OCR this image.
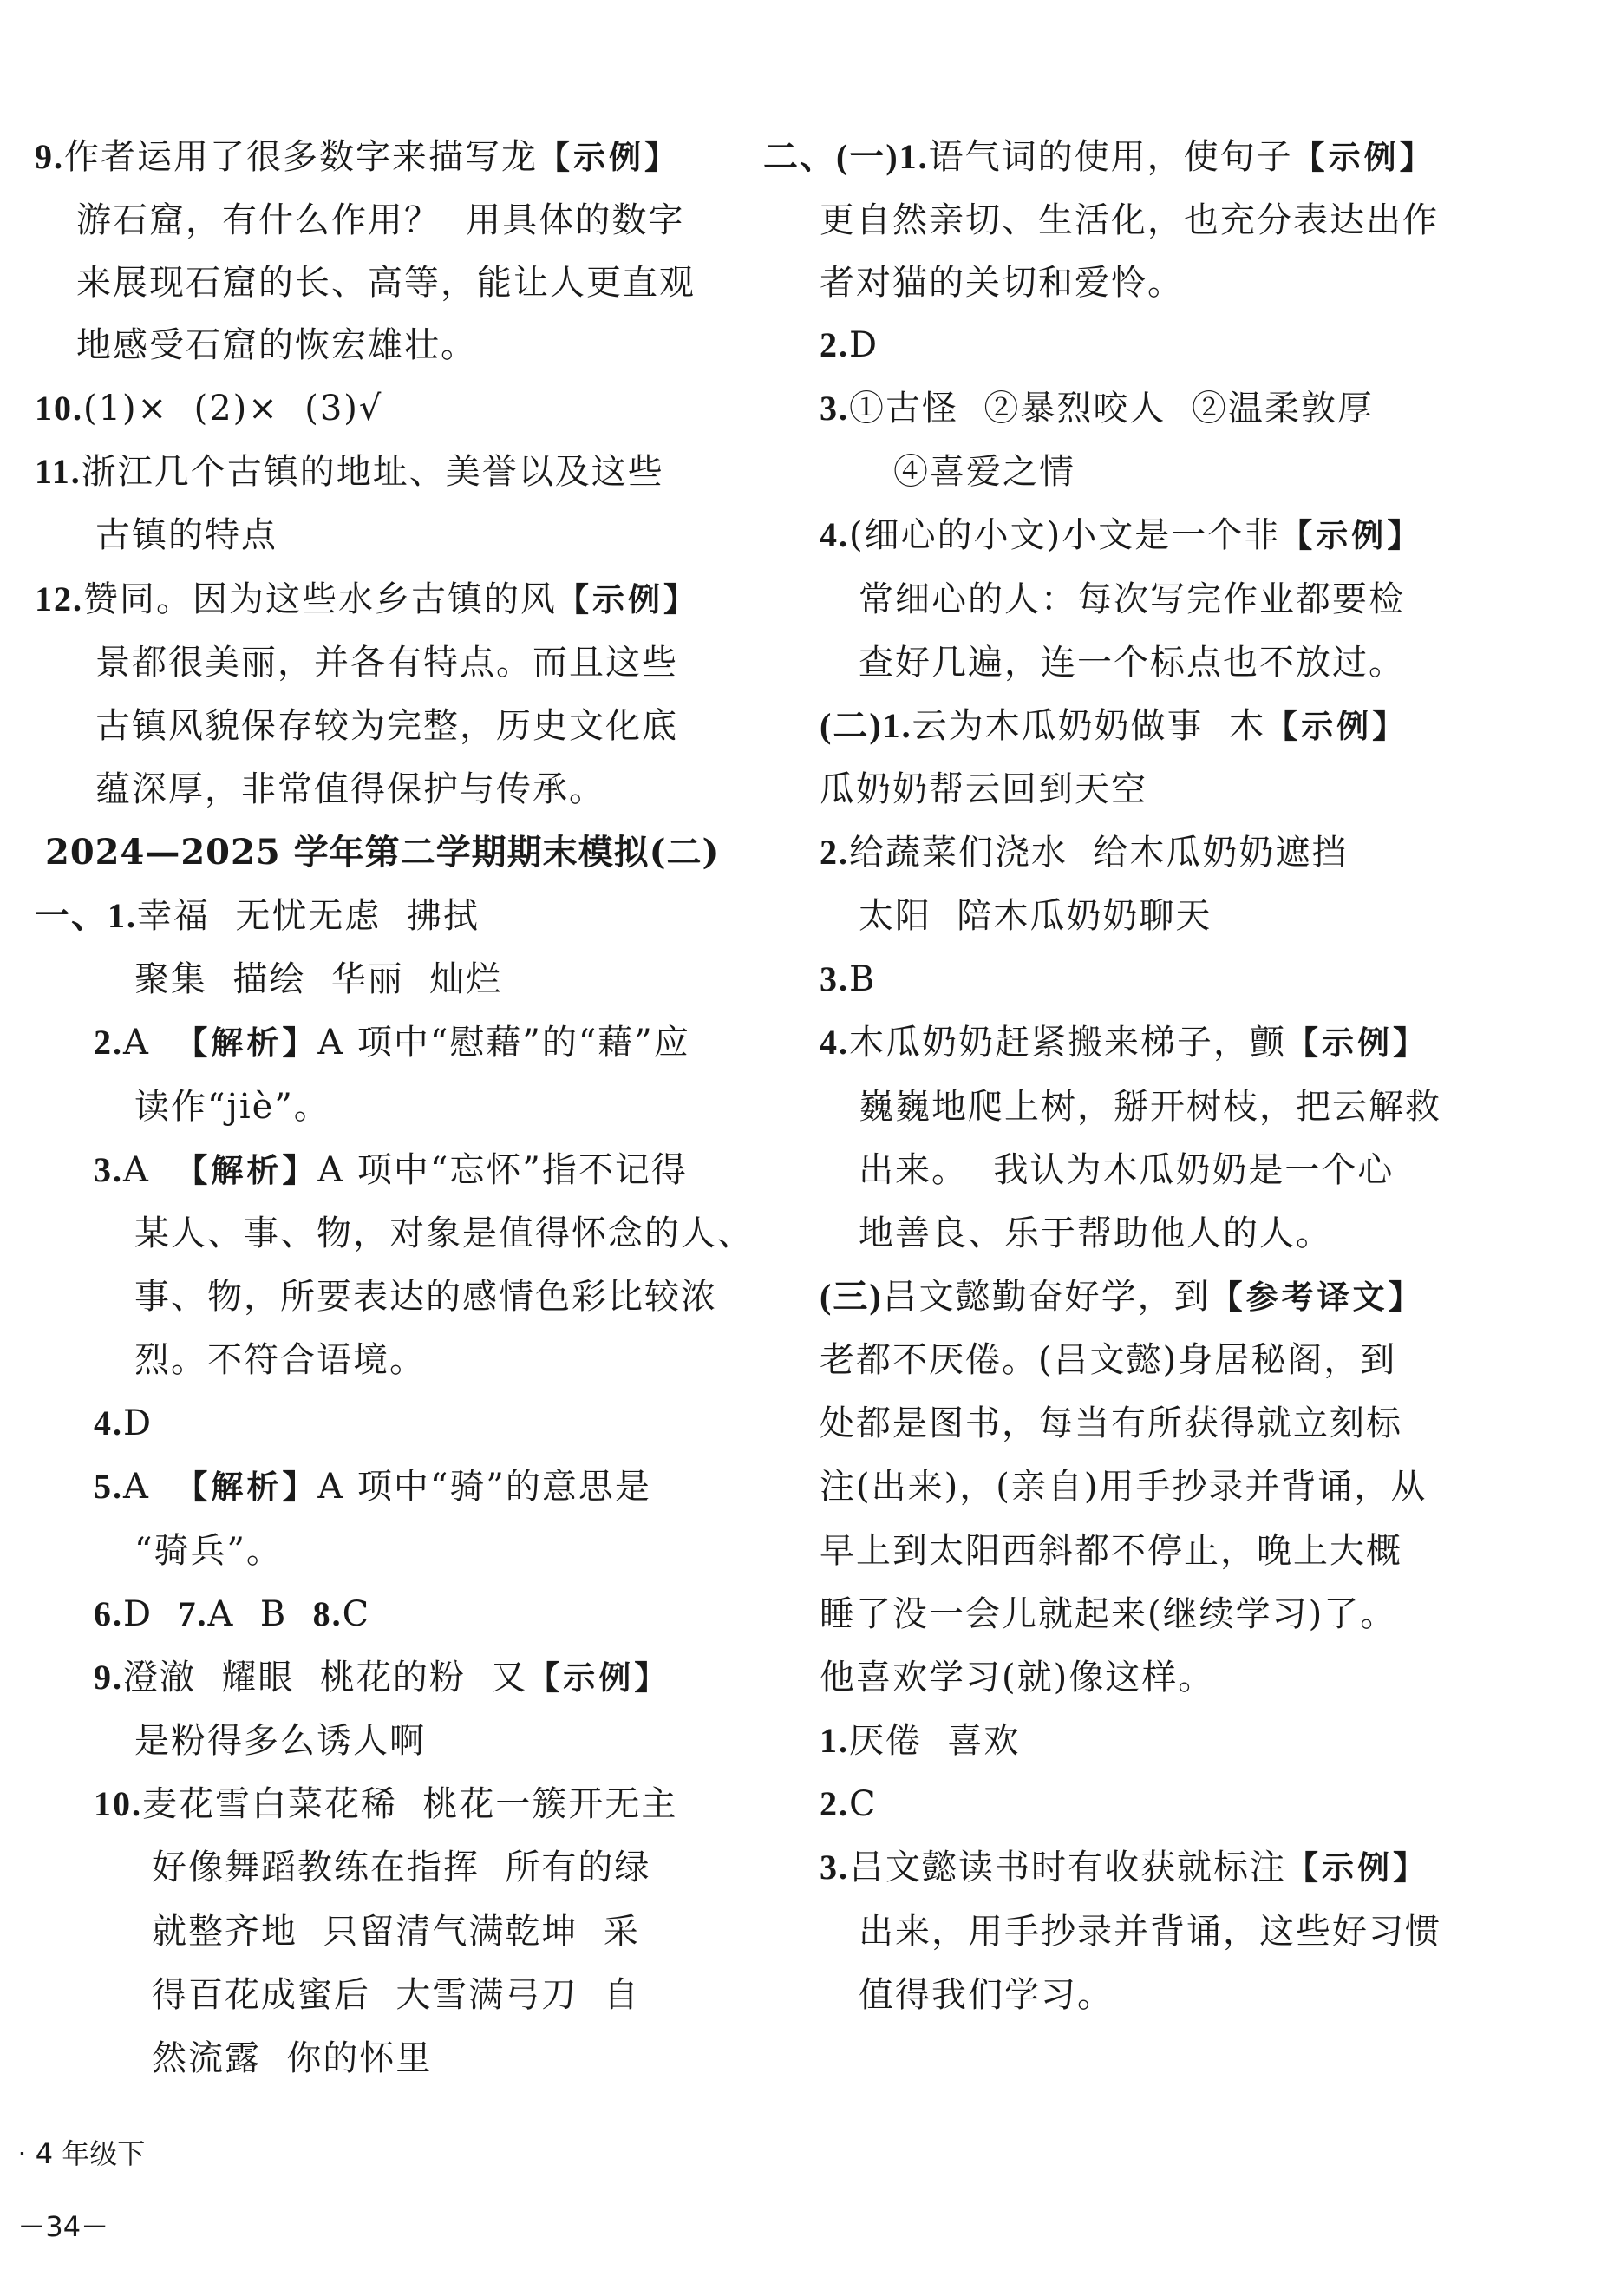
9.作者运用了很多数字来描写龙【示例】
游石窟，有什么作用？  用具体的数字
来展现石窟的长、高等，能让人更直观
地感受石窟的恢宏雄壮。
10.(1)×  (2)×  (3)√
11.浙江几个古镇的地址、美誉以及这些
古镇的特点
12.赞同。因为这些水乡古镇的风【示例】
景都很美丽，并各有特点。而且这些
古镇风貌保存较为完整，历史文化底
蕴深厚，非常值得保护与传承。
2024—2025 学年第二学期期末模拟(二)
一、1.幸福  无忧无虑  拂拭
聚集  描绘  华丽  灿烂
2.A  【解析】A 项中“慰藉”的“藉”应
读作“jiè”。
3.A  【解析】A 项中“忘怀”指不记得
某人、事、物，对象是值得怀念的人、
事、物，所要表达的感情色彩比较浓
烈。不符合语境。
4.D
5.A  【解析】A 项中“骑”的意思是
“骑兵”。
6.D  7.A  B  8.C
9.澄澈  耀眼  桃花的粉  又【示例】
是粉得多么诱人啊
10.麦花雪白菜花稀  桃花一簇开无主
好像舞蹈教练在指挥  所有的绿
就整齐地  只留清气满乾坤  采
得百花成蜜后  大雪满弓刀  自
然流露  你的怀里
二、(一)1.语气词的使用，使句子【示例】
更自然亲切、生活化，也充分表达出作
者对猫的关切和爱怜。
2.D
3.①古怪  ②暴烈咬人  ②温柔敦厚
④喜爱之情
4.(细心的小文)小文是一个非【示例】
常细心的人：每次写完作业都要检
查好几遍，连一个标点也不放过。
(二)1.云为木瓜奶奶做事  木【示例】
瓜奶奶帮云回到天空
2.给蔬菜们浇水  给木瓜奶奶遮挡
太阳  陪木瓜奶奶聊天
3.B
4.木瓜奶奶赶紧搬来梯子，颤【示例】
巍巍地爬上树，掰开树枝，把云解救
出来。  我认为木瓜奶奶是一个心
地善良、乐于帮助他人的人。
(三)吕文懿勤奋好学，到【参考译文】
老都不厌倦。(吕文懿)身居秘阁，到
处都是图书，每当有所获得就立刻标
注(出来)，(亲自)用手抄录并背诵，从
早上到太阳西斜都不停止，晚上大概
睡了没一会儿就起来(继续学习)了。
他喜欢学习(就)像这样。
1.厌倦  喜欢
2.C
3.吕文懿读书时有收获就标注【示例】
出来，用手抄录并背诵，这些好习惯
值得我们学习。

· 4 年级下

－34－
